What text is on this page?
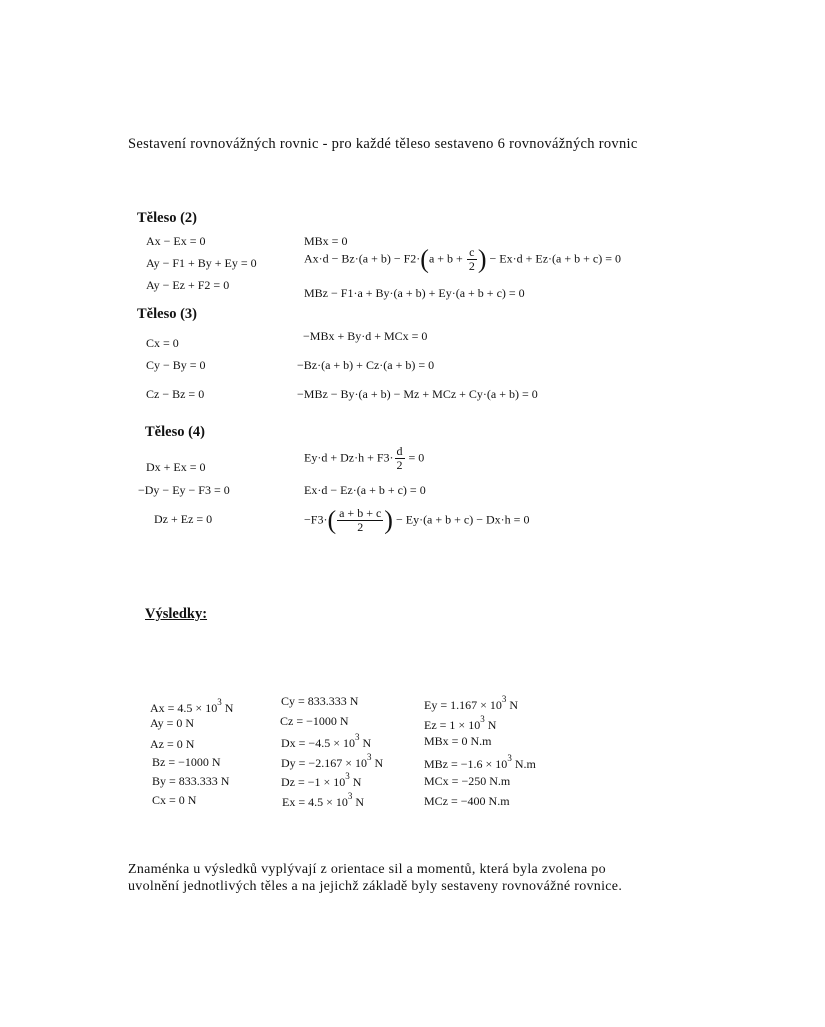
Sestavení rovnovážných rovnic - pro každé těleso sestaveno 6 rovnovážných rovnic
Těleso (2)
Ax − Ex = 0
Ay − F1 + By + Ey = 0
Ay − Ez + F2 = 0
MBx = 0
$Ax\cdot d - Bz\cdot(a + b) - F2\cdot(a + b + \frac{c}{2}$ ) − Ex·d + Ez·(a + b + c) = 0
MBz − F1·a + By·(a + b) + Ey·(a + b + c) = 0
Těleso (3)
Cx = 0
Cy − By = 0
Cz − Bz = 0
−MBx + By·d + MCx = 0
−Bz·(a + b) + Cz·(a + b) = 0
−MBz − By·(a + b) − Mz + MCz + Cy·(a + b) = 0
Těleso (4)
Dx + Ex = 0
−Dy − Ey − F3 = 0
Dz + Ez = 0
$Ey\cdot d + Dz\cdot h + F3\cdot \frac{d}{2} = 0$
Ex·d − Ez·(a + b + c) = 0
$-F3\cdot( \frac{a + b + c}{2}$ ) − Ey·(a + b + c) − Dx·h = 0
Výsledky:
$Ax = 4.5 \times 10^3$ N
Ay = 0 N
Az = 0 N
Bz = −1000 N
By = 833.333 N
Cx = 0 N
Cy = 833.333 N
Cz = −1000 N
$Dx = -4.5 \times 10^3$ N
$Dy = -2.167 \times 10^3$ N
$Dz = -1 \times 10^3$ N
$Ex = 4.5 \times 10^3$ N
$Ey = 1.167 \times 10^3$ N
$Ez = 1 \times 10^3$ N
MBx = 0 N.m
MBz = $-1.6 \times 10^3$ N.m
MCx = −250 N.m
MCz = −400 N.m
Znaménka u výsledků vyplývají z orientace sil a momentů, která byla zvolena po
uvolnění jednotlivých těles a na jejichž základě byly sestaveny rovnovážné rovnice.
